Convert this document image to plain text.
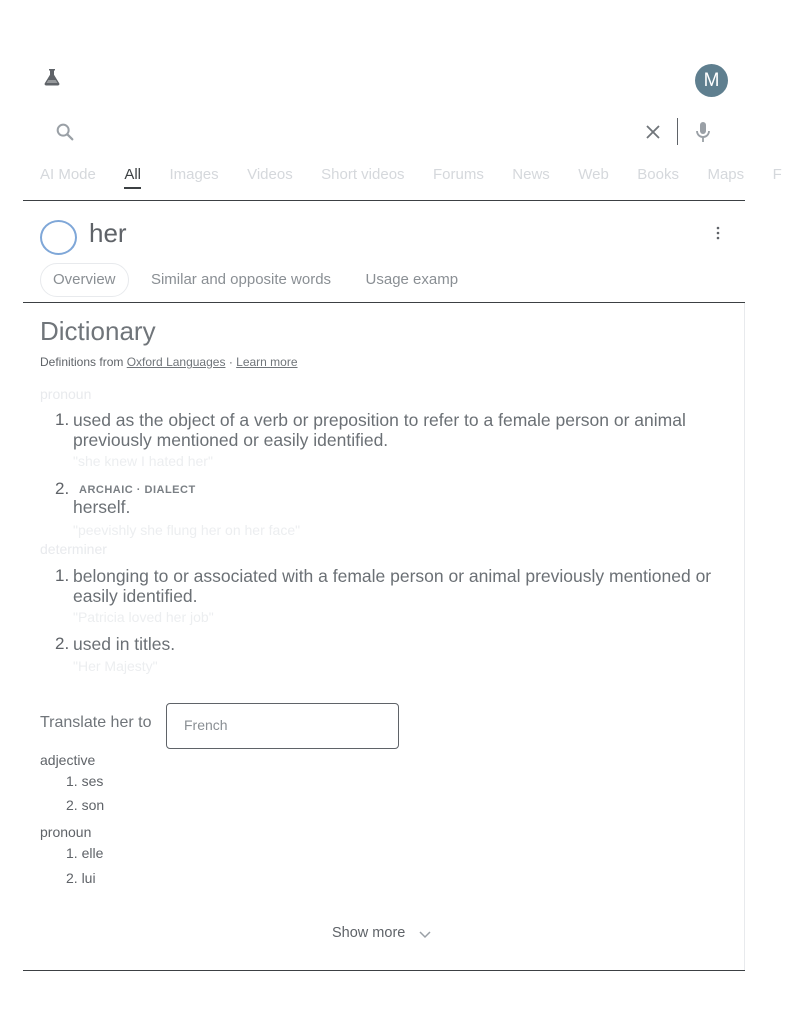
M
AI Mode All Images Videos Short videos Forums News Web Books Maps F
her
Overview Similar and opposite words Usage examp
Dictionary
Definitions from Oxford Languages · Learn more
pronoun
1. used as the object of a verb or preposition to refer to a female person or animal previously mentioned or easily identified.
"she knew I hated her"
2. ARCHAIC · DIALECT
herself.
"peevishly she flung her on her face"
determiner
1. belonging to or associated with a female person or animal previously mentioned or easily identified.
"Patricia loved her job"
2. used in titles.
"Her Majesty"
Translate her to	French
adjective
1. ses
2. son
pronoun
1. elle
2. lui
Show more
